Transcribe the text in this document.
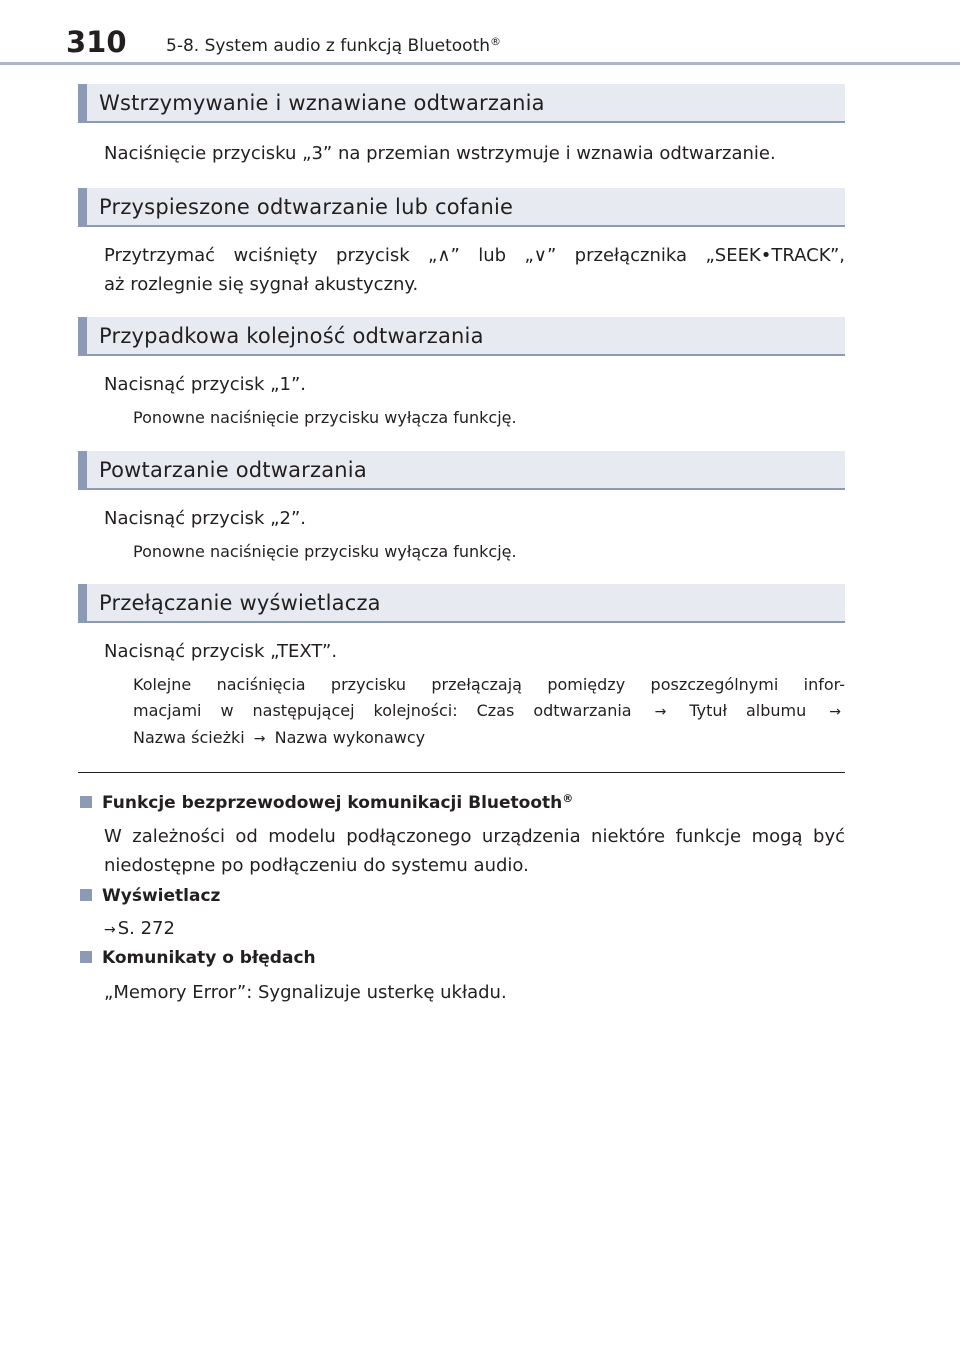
310 5-8. System audio z funkcją Bluetooth®
Wstrzymywanie i wznawiane odtwarzania
Naciśnięcie przycisku „3” na przemian wstrzymuje i wznawia odtwarzanie.
Przyspieszone odtwarzanie lub cofanie
Przytrzymać wciśnięty przycisk „∧” lub „∨” przełącznika „SEEK•TRACK”,
aż rozlegnie się sygnał akustyczny.
Przypadkowa kolejność odtwarzania
Nacisnąć przycisk „1”.
Ponowne naciśnięcie przycisku wyłącza funkcję.
Powtarzanie odtwarzania
Nacisnąć przycisk „2”.
Ponowne naciśnięcie przycisku wyłącza funkcję.
Przełączanie wyświetlacza
Nacisnąć przycisk „TEXT”.
Kolejne naciśnięcia przycisku przełączają pomiędzy poszczególnymi infor-
macjami w następującej kolejności: Czas odtwarzania → Tytuł albumu →
Nazwa ścieżki → Nazwa wykonawcy
Funkcje bezprzewodowej komunikacji Bluetooth®
W zależności od modelu podłączonego urządzenia niektóre funkcje mogą być
niedostępne po podłączeniu do systemu audio.
Wyświetlacz
→ S. 272
Komunikaty o błędach
„Memory Error”: Sygnalizuje usterkę układu.
